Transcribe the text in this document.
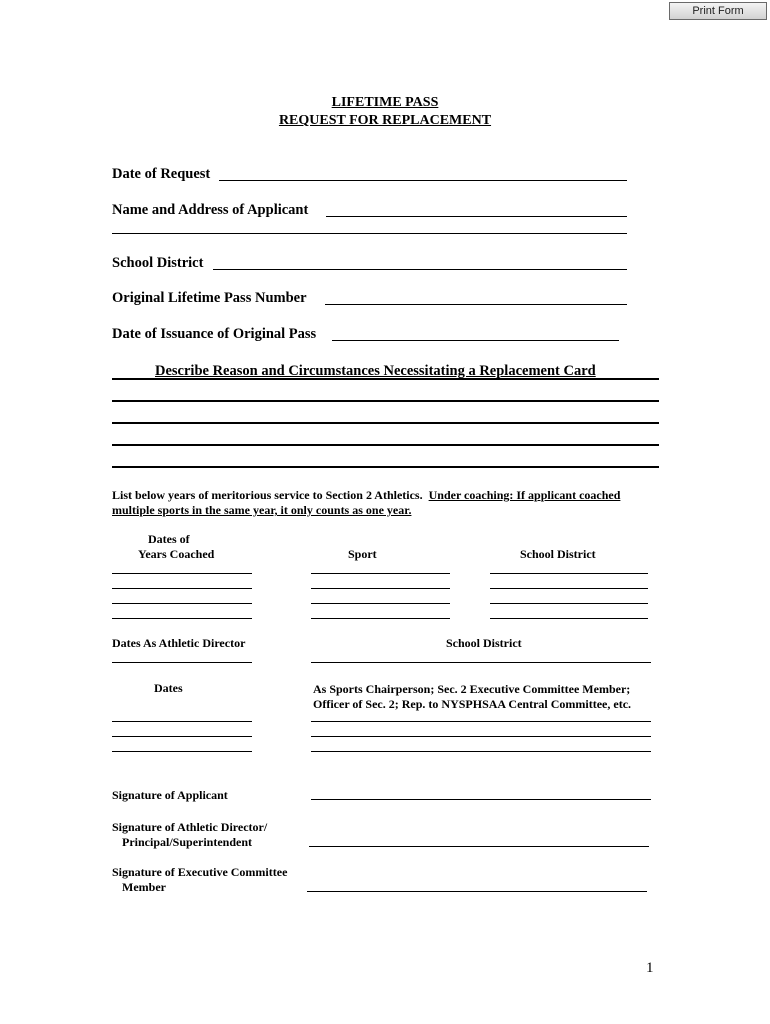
Print Form
LIFETIME PASS
REQUEST FOR REPLACEMENT
Date of Request
Name and Address of Applicant
School District
Original Lifetime Pass Number
Date of Issuance of Original Pass
Describe Reason and Circumstances Necessitating a Replacement Card
List below years of meritorious service to Section 2 Athletics. Under coaching: If applicant coached
multiple sports in the same year, it only counts as one year.
Dates of
Years Coached	Sport	School District
Dates As Athletic Director	School District
Dates	As Sports Chairperson; Sec. 2 Executive Committee Member;
Officer of Sec. 2; Rep. to NYSPHSAA Central Committee, etc.
Signature of Applicant
Signature of Athletic Director/
Principal/Superintendent
Signature of Executive Committee
Member
1
